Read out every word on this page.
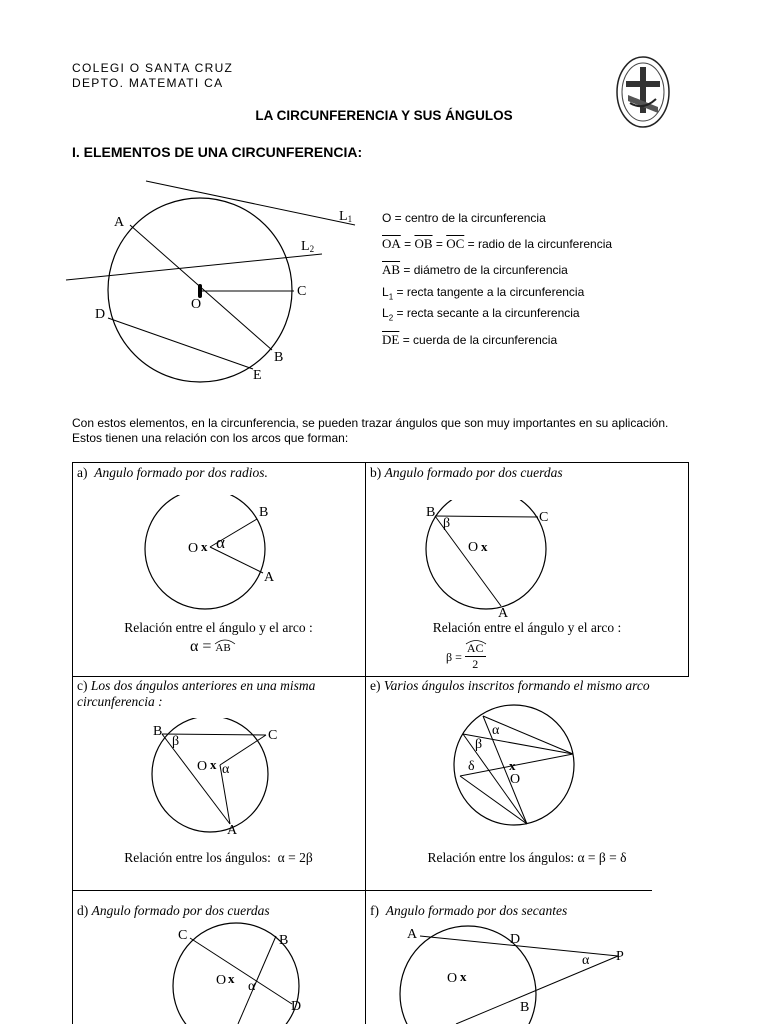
COLEGI O SANTA CRUZ
DEPTO. MATEMATI CA
LA CIRCUNFERENCIA Y SUS ÁNGULOS
I. ELEMENTOS DE UNA CIRCUNFERENCIA:
A
B
C
D
E
O
L1
L2
O = centro de la circunferencia
$\overline{OA} = \overline{OB} = \overline{OC}$ = radio de la circunferencia
$\overline{AB}$ = diámetro de la circunferencia
$L_1$ = recta tangente a la circunferencia
$L_2$ = recta secante a la circunferencia
$\overline{DE}$ = cuerda de la circunferencia
Con estos elementos, en la circunferencia, se pueden trazar ángulos que son muy importantes en su aplicación.
Estos tienen una relación con los arcos que forman:
a) Angulo formado por dos radios.
O x α
B
A
Relación entre el ángulo y el arco :
α = AB
b) Angulo formado por dos cuerdas
B	C
β
O x
A
Relación entre el ángulo y el arco :
$\beta = \frac{AC}{2}$
c) Los dos ángulos anteriores en una misma circunferencia :
B	C
β
O x α
A
Relación entre los ángulos: α = 2β
e) Varios ángulos inscritos formando el mismo arco
α
β
δ	x
O
Relación entre los ángulos: α = β = δ
d) Angulo formado por dos cuerdas
C	B
D
O x
α
f) Angulo formado por dos secantes
A	D
P
α
B
O x
